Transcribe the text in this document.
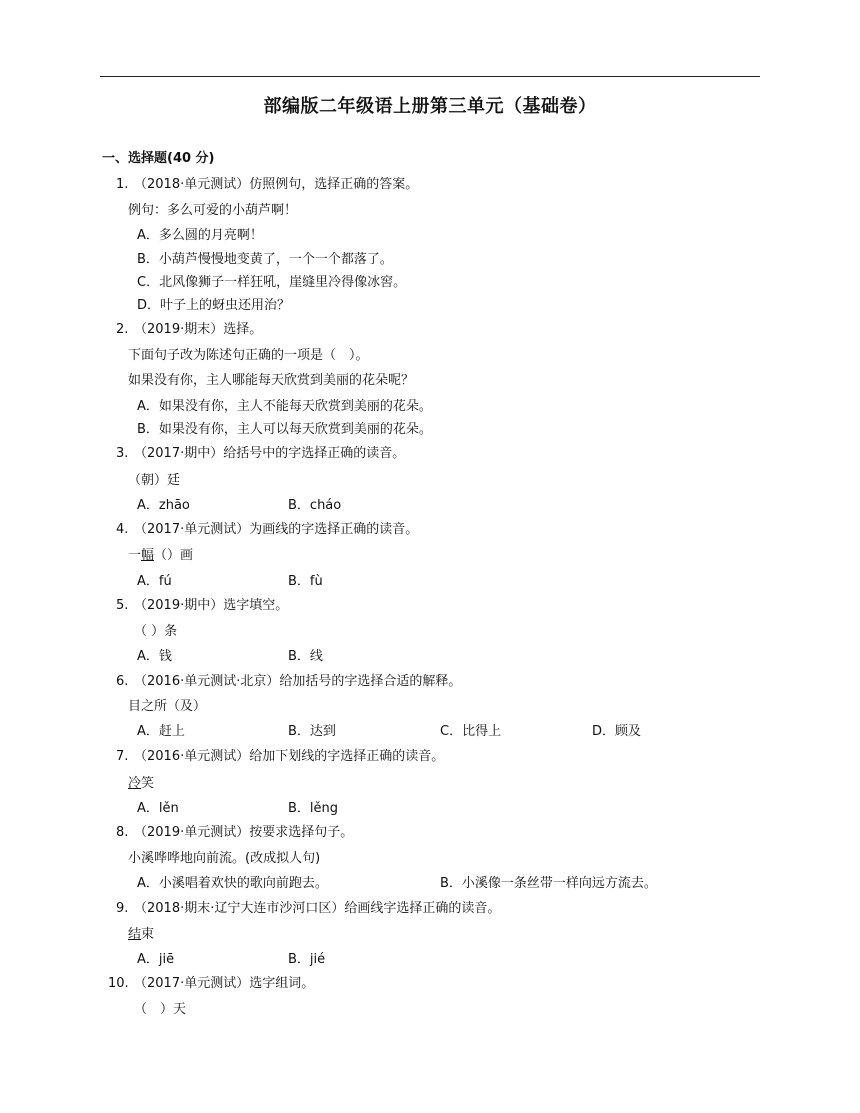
部编版二年级语上册第三单元（基础卷）
一、选择题(40 分)
1. （2018·单元测试）仿照例句，选择正确的答案。
例句：多么可爱的小葫芦啊！
A．多么圆的月亮啊！
B．小葫芦慢慢地变黄了，一个一个都落了。
C．北风像狮子一样狂吼，崖缝里冷得像冰窖。
D．叶子上的蚜虫还用治？
2. （2019·期末）选择。
下面句子改为陈述句正确的一项是（　）。
如果没有你，主人哪能每天欣赏到美丽的花朵呢？
A．如果没有你，主人不能每天欣赏到美丽的花朵。
B．如果没有你，主人可以每天欣赏到美丽的花朵。
3. （2017·期中）给括号中的字选择正确的读音。
（朝）廷
A．zhāo	B．cháo
4. （2017·单元测试）为画线的字选择正确的读音。
一幅（）画
A．fú	B．fù
5. （2019·期中）选字填空。
（ ）条
A．钱	B．线
6. （2016·单元测试·北京）给加括号的字选择合适的解释。
目之所（及）
A．赶上	B．达到	C．比得上	D．顾及
7. （2016·单元测试）给加下划线的字选择正确的读音。
冷笑
A．lěn	B．lěng
8. （2019·单元测试）按要求选择句子。
小溪哗哗地向前流。(改成拟人句)
A．小溪唱着欢快的歌向前跑去。	B．小溪像一条丝带一样向远方流去。
9. （2018·期末·辽宁大连市沙河口区）给画线字选择正确的读音。
结束
A．jiē	B．jié
10. （2017·单元测试）选字组词。
（　）天
